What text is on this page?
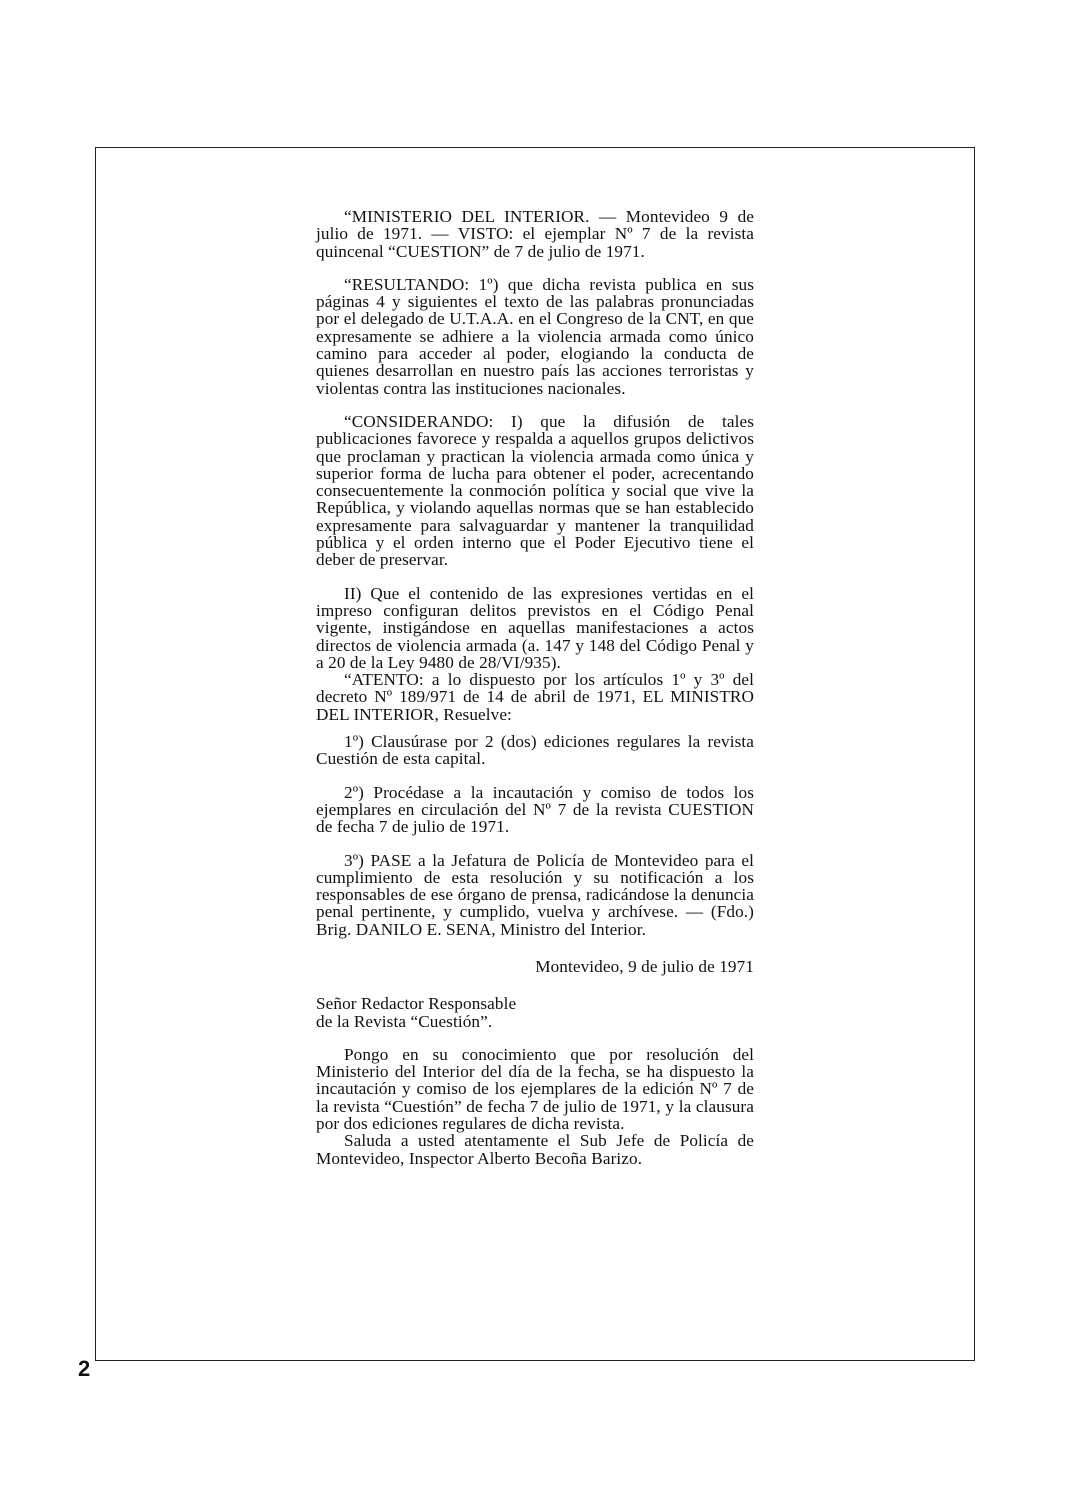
“MINISTERIO DEL INTERIOR. — Montevideo 9 de julio de 1971. — VISTO: el ejemplar Nº 7 de la revista quincenal “CUESTION” de 7 de julio de 1971.

“RESULTANDO: 1º) que dicha revista publica en sus páginas 4 y siguientes el texto de las palabras pronunciadas por el delegado de U.T.A.A. en el Congreso de la CNT, en que expresamente se adhiere a la violencia armada como único camino para acceder al poder, elogiando la conducta de quienes desarrollan en nuestro país las acciones terroristas y violentas contra las instituciones nacionales.

“CONSIDERANDO: I) que la difusión de tales publicaciones favorece y respalda a aquellos grupos delictivos que proclaman y practican la violencia armada como única y superior forma de lucha para obtener el poder, acrecentando consecuentemente la conmoción política y social que vive la República, y violando aquellas normas que se han establecido expresamente para salvaguardar y mantener la tranquilidad pública y el orden interno que el Poder Ejecutivo tiene el deber de preservar.

II) Que el contenido de las expresiones vertidas en el impreso configuran delitos previstos en el Código Penal vigente, instigándose en aquellas manifestaciones a actos directos de violencia armada (a. 147 y 148 del Código Penal y a 20 de la Ley 9480 de 28/VI/935).

“ATENTO: a lo dispuesto por los artículos 1º y 3º del decreto Nº 189/971 de 14 de abril de 1971, EL MINISTRO DEL INTERIOR, Resuelve:

1º) Clausúrase por 2 (dos) ediciones regulares la revista Cuestión de esta capital.

2º) Procédase a la incautación y comiso de todos los ejemplares en circulación del Nº 7 de la revista CUESTION de fecha 7 de julio de 1971.

3º) PASE a la Jefatura de Policía de Montevideo para el cumplimiento de esta resolución y su notificación a los responsables de ese órgano de prensa, radicándose la denuncia penal pertinente, y cumplido, vuelva y archívese. — (Fdo.) Brig. DANILO E. SENA, Ministro del Interior.

Montevideo, 9 de julio de 1971

Señor Redactor Responsable

de la Revista “Cuestión”.

Pongo en su conocimiento que por resolución del Ministerio del Interior del día de la fecha, se ha dispuesto la incautación y comiso de los ejemplares de la edición Nº 7 de la revista “Cuestión” de fecha 7 de julio de 1971, y la clausura por dos ediciones regulares de dicha revista.

Saluda a usted atentamente el Sub Jefe de Policía de Montevideo, Inspector Alberto Becoña Barizo.

2
